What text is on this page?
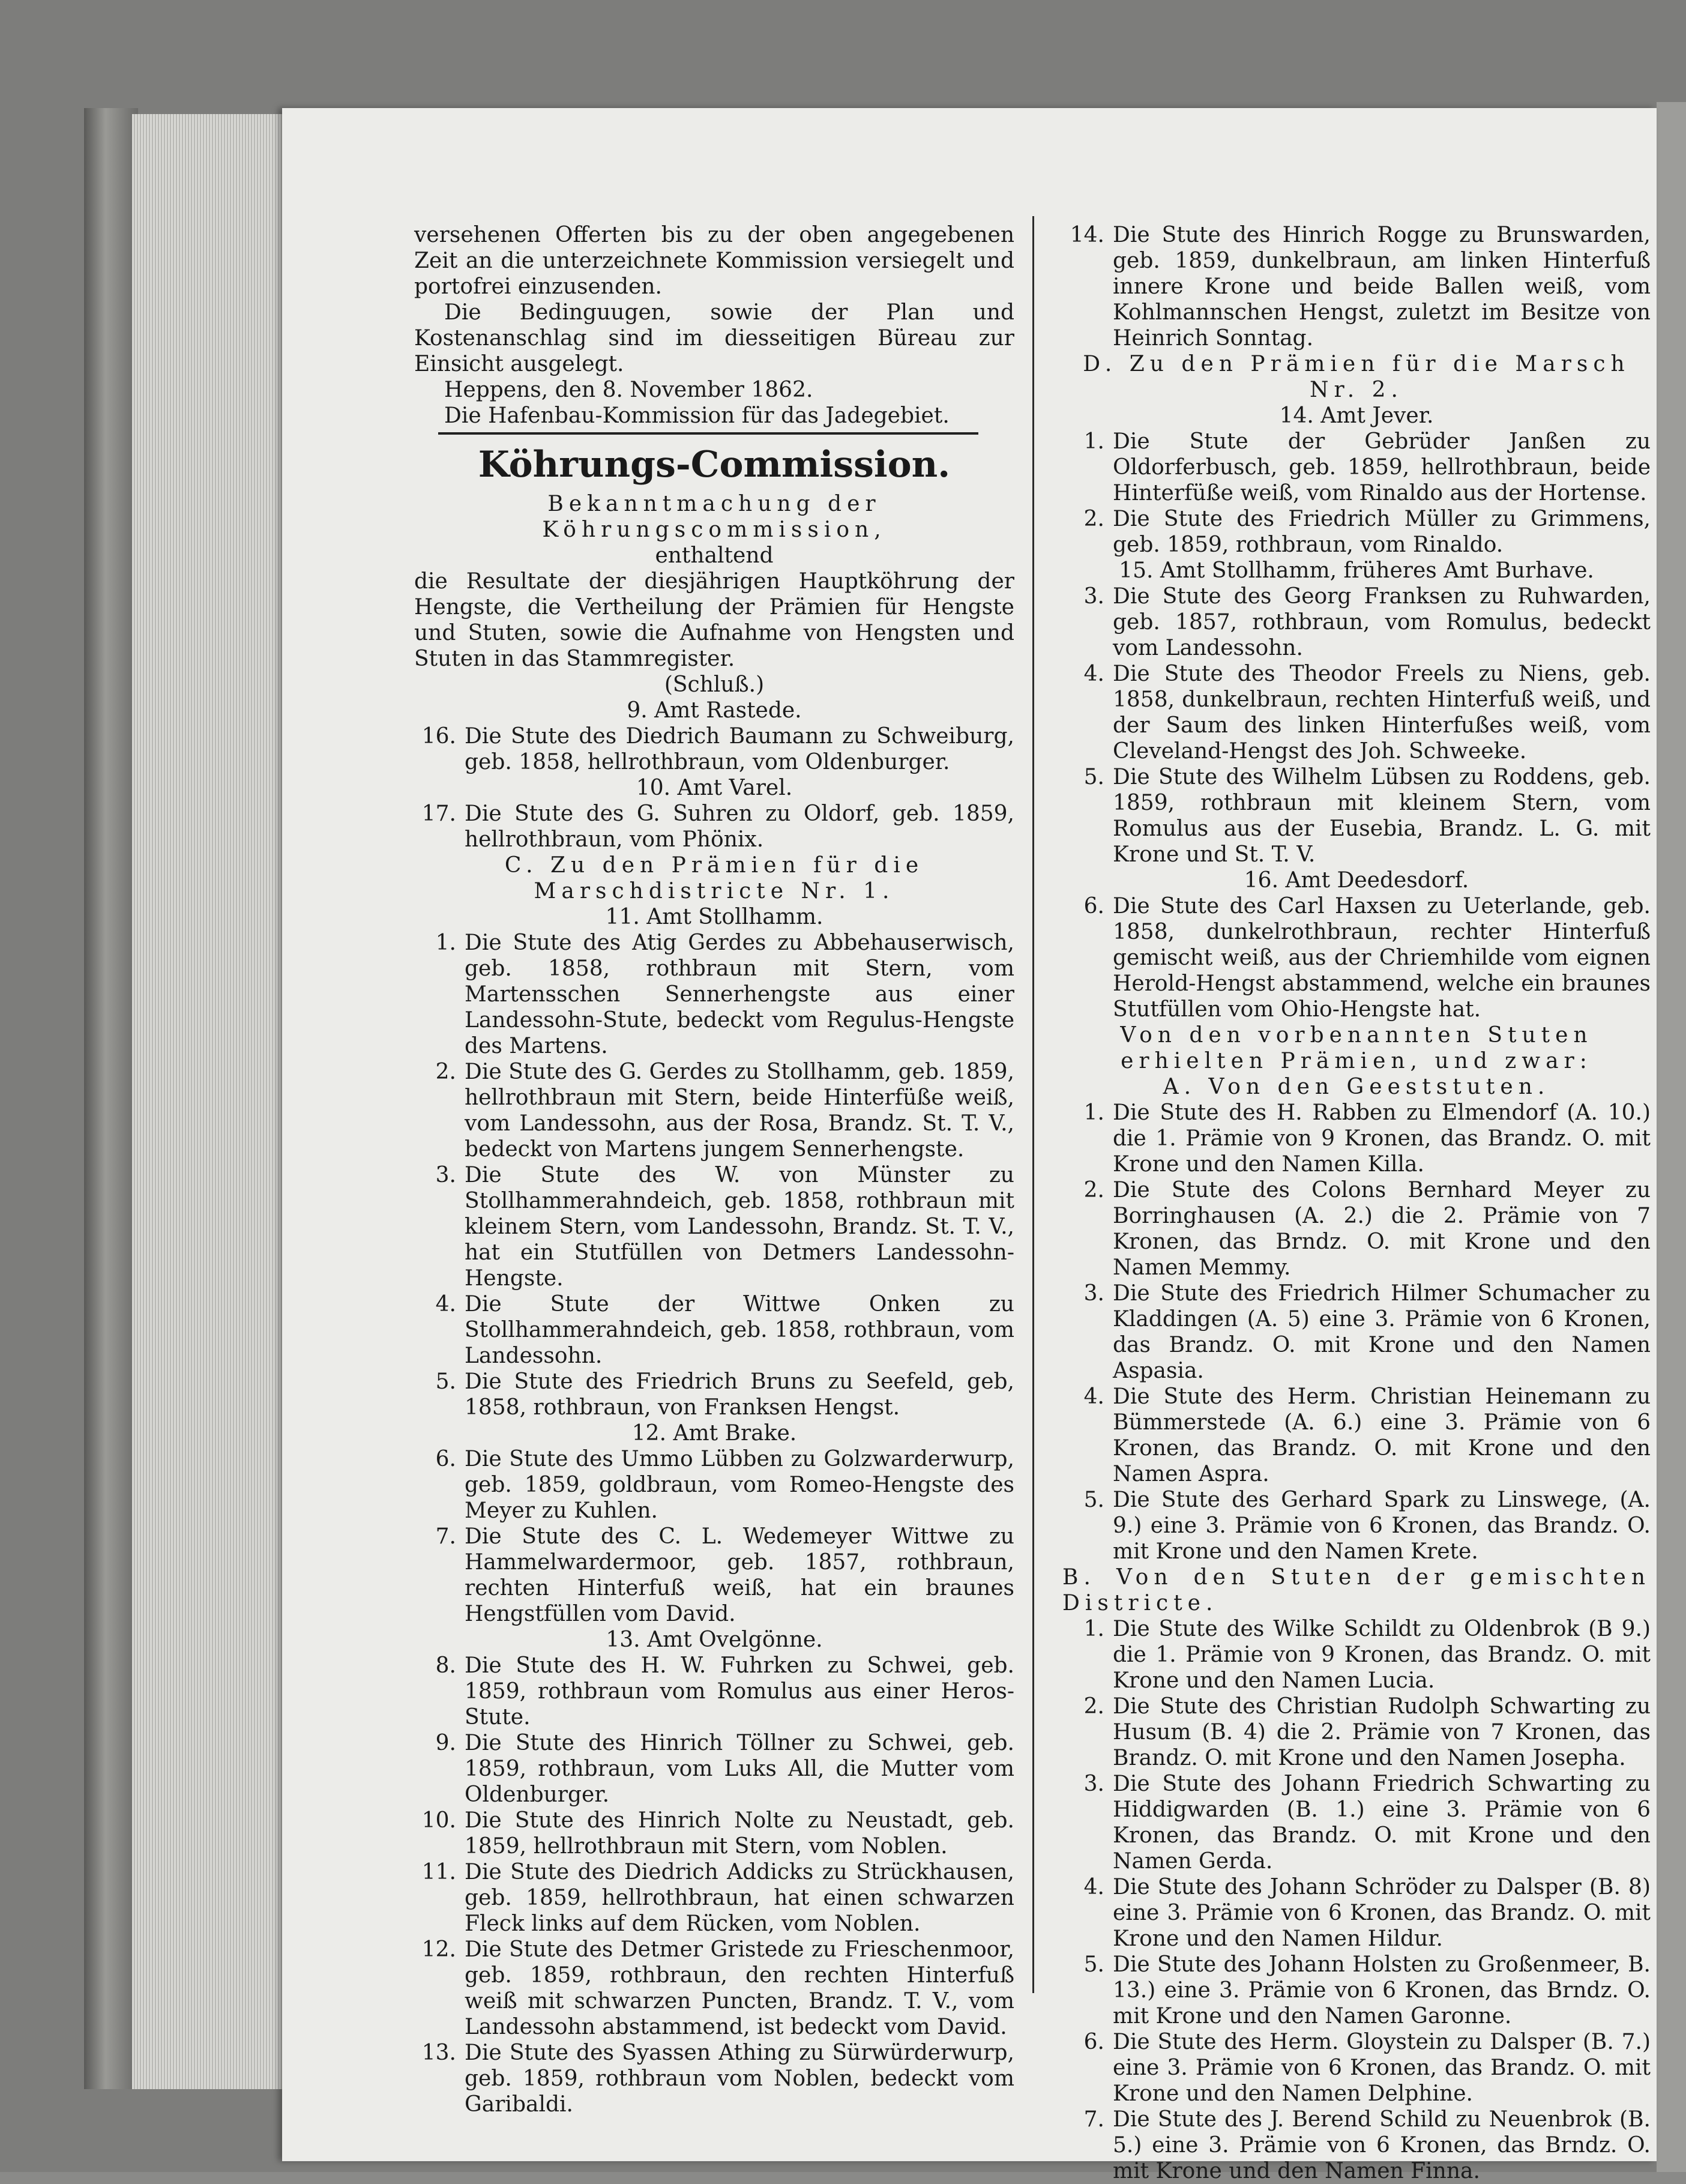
versehenen Offerten bis zu der oben angegebenen Zeit an die unterzeichnete Kommission versiegelt und portofrei einzusenden.

Die Bedinguugen, sowie der Plan und Kostenanschlag sind im diesseitigen Büreau zur Einsicht ausgelegt.

Heppens, den 8. November 1862.

Die Hafenbau-Kommission für das Jadegebiet.

Köhrungs-Commission.

Bekanntmachung der Köhrungscommission,

enthaltend

die Resultate der diesjährigen Hauptköhrung der Hengste, die Vertheilung der Prämien für Hengste und Stuten, sowie die Aufnahme von Hengsten und Stuten in das Stammregister.

(Schluß.)

9. Amt Rastede.

16. Die Stute des Diedrich Baumann zu Schweiburg, geb. 1858, hellrothbraun, vom Oldenburger.

10. Amt Varel.

17. Die Stute des G. Suhren zu Oldorf, geb. 1859, hellrothbraun, vom Phönix.

C. Zu den Prämien für die Marschdistricte Nr. 1.

11. Amt Stollhamm.

1. Die Stute des Atig Gerdes zu Abbehauserwisch, geb. 1858, rothbraun mit Stern, vom Martensschen Sennerhengste aus einer Landessohn-Stute, bedeckt vom Regulus-Hengste des Martens.
2. Die Stute des G. Gerdes zu Stollhamm, geb. 1859, hellrothbraun mit Stern, beide Hinterfüße weiß, vom Landessohn, aus der Rosa, Brandz. St. T. V., bedeckt von Martens jungem Sennerhengste.
3. Die Stute des W. von Münster zu Stollhammerahndeich, geb. 1858, rothbraun mit kleinem Stern, vom Landessohn, Brandz. St. T. V., hat ein Stutfüllen von Detmers Landessohn-Hengste.
4. Die Stute der Wittwe Onken zu Stollhammerahndeich, geb. 1858, rothbraun, vom Landessohn.
5. Die Stute des Friedrich Bruns zu Seefeld, geb, 1858, rothbraun, von Franksen Hengst.

12. Amt Brake.

6. Die Stute des Ummo Lübben zu Golzwarderwurp, geb. 1859, goldbraun, vom Romeo-Hengste des Meyer zu Kuhlen.
7. Die Stute des C. L. Wedemeyer Wittwe zu Hammelwardermoor, geb. 1857, rothbraun, rechten Hinterfuß weiß, hat ein braunes Hengstfüllen vom David.

13. Amt Ovelgönne.

8. Die Stute des H. W. Fuhrken zu Schwei, geb. 1859, rothbraun vom Romulus aus einer Heros-Stute.
9. Die Stute des Hinrich Töllner zu Schwei, geb. 1859, rothbraun, vom Luks All, die Mutter vom Oldenburger.
10. Die Stute des Hinrich Nolte zu Neustadt, geb. 1859, hellrothbraun mit Stern, vom Noblen.
11. Die Stute des Diedrich Addicks zu Strückhausen, geb. 1859, hellrothbraun, hat einen schwarzen Fleck links auf dem Rücken, vom Noblen.
12. Die Stute des Detmer Gristede zu Frieschenmoor, geb. 1859, rothbraun, den rechten Hinterfuß weiß mit schwarzen Puncten, Brandz. T. V., vom Landessohn abstammend, ist bedeckt vom David.
13. Die Stute des Syassen Athing zu Sürwürderwurp, geb. 1859, rothbraun vom Noblen, bedeckt vom Garibaldi.
14. Die Stute des Hinrich Rogge zu Brunswarden, geb. 1859, dunkelbraun, am linken Hinterfuß innere Krone und beide Ballen weiß, vom Kohlmannschen Hengst, zuletzt im Besitze von Heinrich Sonntag.

D. Zu den Prämien für die Marsch Nr. 2.

14. Amt Jever.

1. Die Stute der Gebrüder Janßen zu Oldorferbusch, geb. 1859, hellrothbraun, beide Hinterfüße weiß, vom Rinaldo aus der Hortense.
2. Die Stute des Friedrich Müller zu Grimmens, geb. 1859, rothbraun, vom Rinaldo.

15. Amt Stollhamm, früheres Amt Burhave.

3. Die Stute des Georg Franksen zu Ruhwarden, geb. 1857, rothbraun, vom Romulus, bedeckt vom Landessohn.
4. Die Stute des Theodor Freels zu Niens, geb. 1858, dunkelbraun, rechten Hinterfuß weiß, und der Saum des linken Hinterfußes weiß, vom Cleveland-Hengst des Joh. Schweeke.
5. Die Stute des Wilhelm Lübsen zu Roddens, geb. 1859, rothbraun mit kleinem Stern, vom Romulus aus der Eusebia, Brandz. L. G. mit Krone und St. T. V.

16. Amt Deedesdorf.

6. Die Stute des Carl Haxsen zu Ueterlande, geb. 1858, dunkelrothbraun, rechter Hinterfuß gemischt weiß, aus der Chriemhilde vom eignen Herold-Hengst abstammend, welche ein braunes Stutfüllen vom Ohio-Hengste hat.

Von den vorbenannten Stuten erhielten Prämien, und zwar:

A. Von den Geeststuten.

1. Die Stute des H. Rabben zu Elmendorf (A. 10.) die 1. Prämie von 9 Kronen, das Brandz. O. mit Krone und den Namen Killa.
2. Die Stute des Colons Bernhard Meyer zu Borringhausen (A. 2.) die 2. Prämie von 7 Kronen, das Brndz. O. mit Krone und den Namen Memmy.
3. Die Stute des Friedrich Hilmer Schumacher zu Kladdingen (A. 5) eine 3. Prämie von 6 Kronen, das Brandz. O. mit Krone und den Namen Aspasia.
4. Die Stute des Herm. Christian Heinemann zu Bümmerstede (A. 6.) eine 3. Prämie von 6 Kronen, das Brandz. O. mit Krone und den Namen Aspra.
5. Die Stute des Gerhard Spark zu Linswege, (A. 9.) eine 3. Prämie von 6 Kronen, das Brandz. O. mit Krone und den Namen Krete.

B. Von den Stuten der gemischten Districte.

1. Die Stute des Wilke Schildt zu Oldenbrok (B 9.) die 1. Prämie von 9 Kronen, das Brandz. O. mit Krone und den Namen Lucia.
2. Die Stute des Christian Rudolph Schwarting zu Husum (B. 4) die 2. Prämie von 7 Kronen, das Brandz. O. mit Krone und den Namen Josepha.
3. Die Stute des Johann Friedrich Schwarting zu Hiddigwarden (B. 1.) eine 3. Prämie von 6 Kronen, das Brandz. O. mit Krone und den Namen Gerda.
4. Die Stute des Johann Schröder zu Dalsper (B. 8) eine 3. Prämie von 6 Kronen, das Brandz. O. mit Krone und den Namen Hildur.
5. Die Stute des Johann Holsten zu Großenmeer, B. 13.) eine 3. Prämie von 6 Kronen, das Brndz. O. mit Krone und den Namen Garonne.
6. Die Stute des Herm. Gloystein zu Dalsper (B. 7.) eine 3. Prämie von 6 Kronen, das Brandz. O. mit Krone und den Namen Delphine.
7. Die Stute des J. Berend Schild zu Neuenbrok (B. 5.) eine 3. Prämie von 6 Kronen, das Brndz. O. mit Krone und den Namen Finna.
